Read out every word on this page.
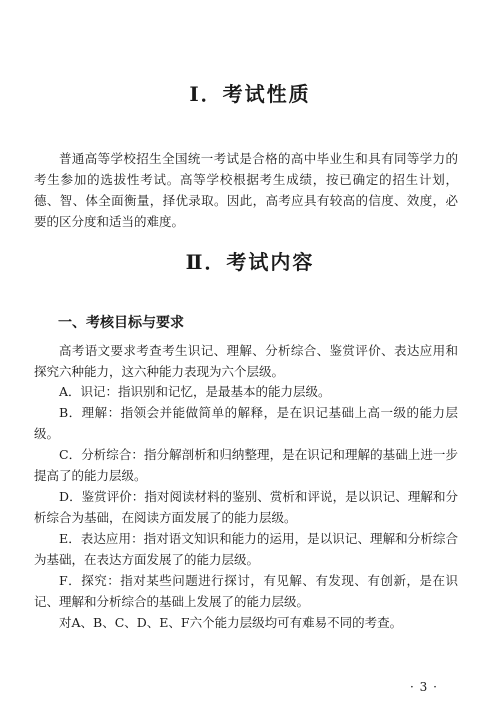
Ⅰ．考试性质

普通高等学校招生全国统一考试是合格的高中毕业生和具有同等学力的考生参加的选拔性考试。高等学校根据考生成绩，按已确定的招生计划，德、智、体全面衡量，择优录取。因此，高考应具有较高的信度、效度，必要的区分度和适当的难度。

Ⅱ．考试内容
一、考核目标与要求

高考语文要求考查考生识记、理解、分析综合、鉴赏评价、表达应用和探究六种能力，这六种能力表现为六个层级。

A．识记：指识别和记忆，是最基本的能力层级。

B．理解：指领会并能做简单的解释，是在识记基础上高一级的能力层级。

C．分析综合：指分解剖析和归纳整理，是在识记和理解的基础上进一步提高了的能力层级。

D．鉴赏评价：指对阅读材料的鉴别、赏析和评说，是以识记、理解和分析综合为基础，在阅读方面发展了的能力层级。

E．表达应用：指对语文知识和能力的运用，是以识记、理解和分析综合为基础，在表达方面发展了的能力层级。

F．探究：指对某些问题进行探讨，有见解、有发现、有创新，是在识记、理解和分析综合的基础上发展了的能力层级。

对A、B、C、D、E、F六个能力层级均可有难易不同的考查。

· 3 ·
